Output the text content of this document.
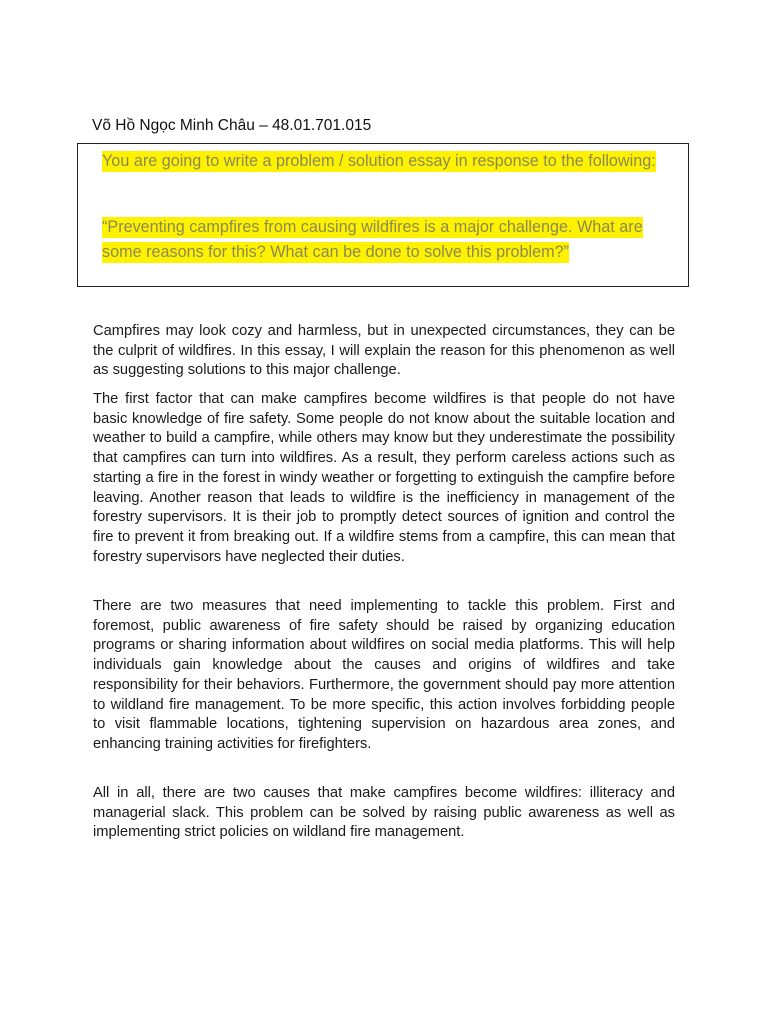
Võ Hồ Ngọc Minh Châu – 48.01.701.015

You are going to write a problem / solution essay in response to the following:

“Preventing campfires from causing wildfires is a major challenge. What are some reasons for this? What can be done to solve this problem?”

Campfires may look cozy and harmless, but in unexpected circumstances, they can be the culprit of wildfires. In this essay, I will explain the reason for this phenomenon as well as suggesting solutions to this major challenge.

The first factor that can make campfires become wildfires is that people do not have basic knowledge of fire safety. Some people do not know about the suitable location and weather to build a campfire, while others may know but they underestimate the possibility that campfires can turn into wildfires. As a result, they perform careless actions such as starting a fire in the forest in windy weather or forgetting to extinguish the campfire before leaving. Another reason that leads to wildfire is the inefficiency in management of the forestry supervisors. It is their job to promptly detect sources of ignition and control the fire to prevent it from breaking out. If a wildfire stems from a campfire, this can mean that forestry supervisors have neglected their duties.

There are two measures that need implementing to tackle this problem. First and foremost, public awareness of fire safety should be raised by organizing education programs or sharing information about wildfires on social media platforms. This will help individuals gain knowledge about the causes and origins of wildfires and take responsibility for their behaviors. Furthermore, the government should pay more attention to wildland fire management. To be more specific, this action involves forbidding people to visit flammable locations, tightening supervision on hazardous area zones, and enhancing training activities for firefighters.

All in all, there are two causes that make campfires become wildfires: illiteracy and managerial slack. This problem can be solved by raising public awareness as well as implementing strict policies on wildland fire management.
